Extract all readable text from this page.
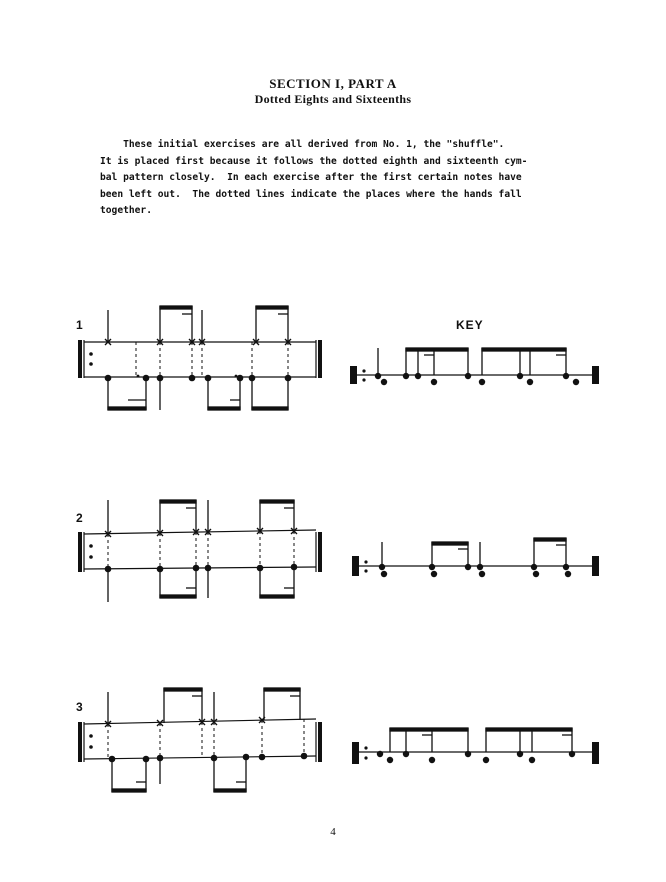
SECTION I, PART A
Dotted Eights and Sixteenths
These initial exercises are all derived from No. 1, the "shuffle".
It is placed first because it follows the dotted eighth and sixteenth cym-
bal pattern closely.  In each exercise after the first certain notes have
been left out.  The dotted lines indicate the places where the hands fall
together.
1	KEY
2
3
4
